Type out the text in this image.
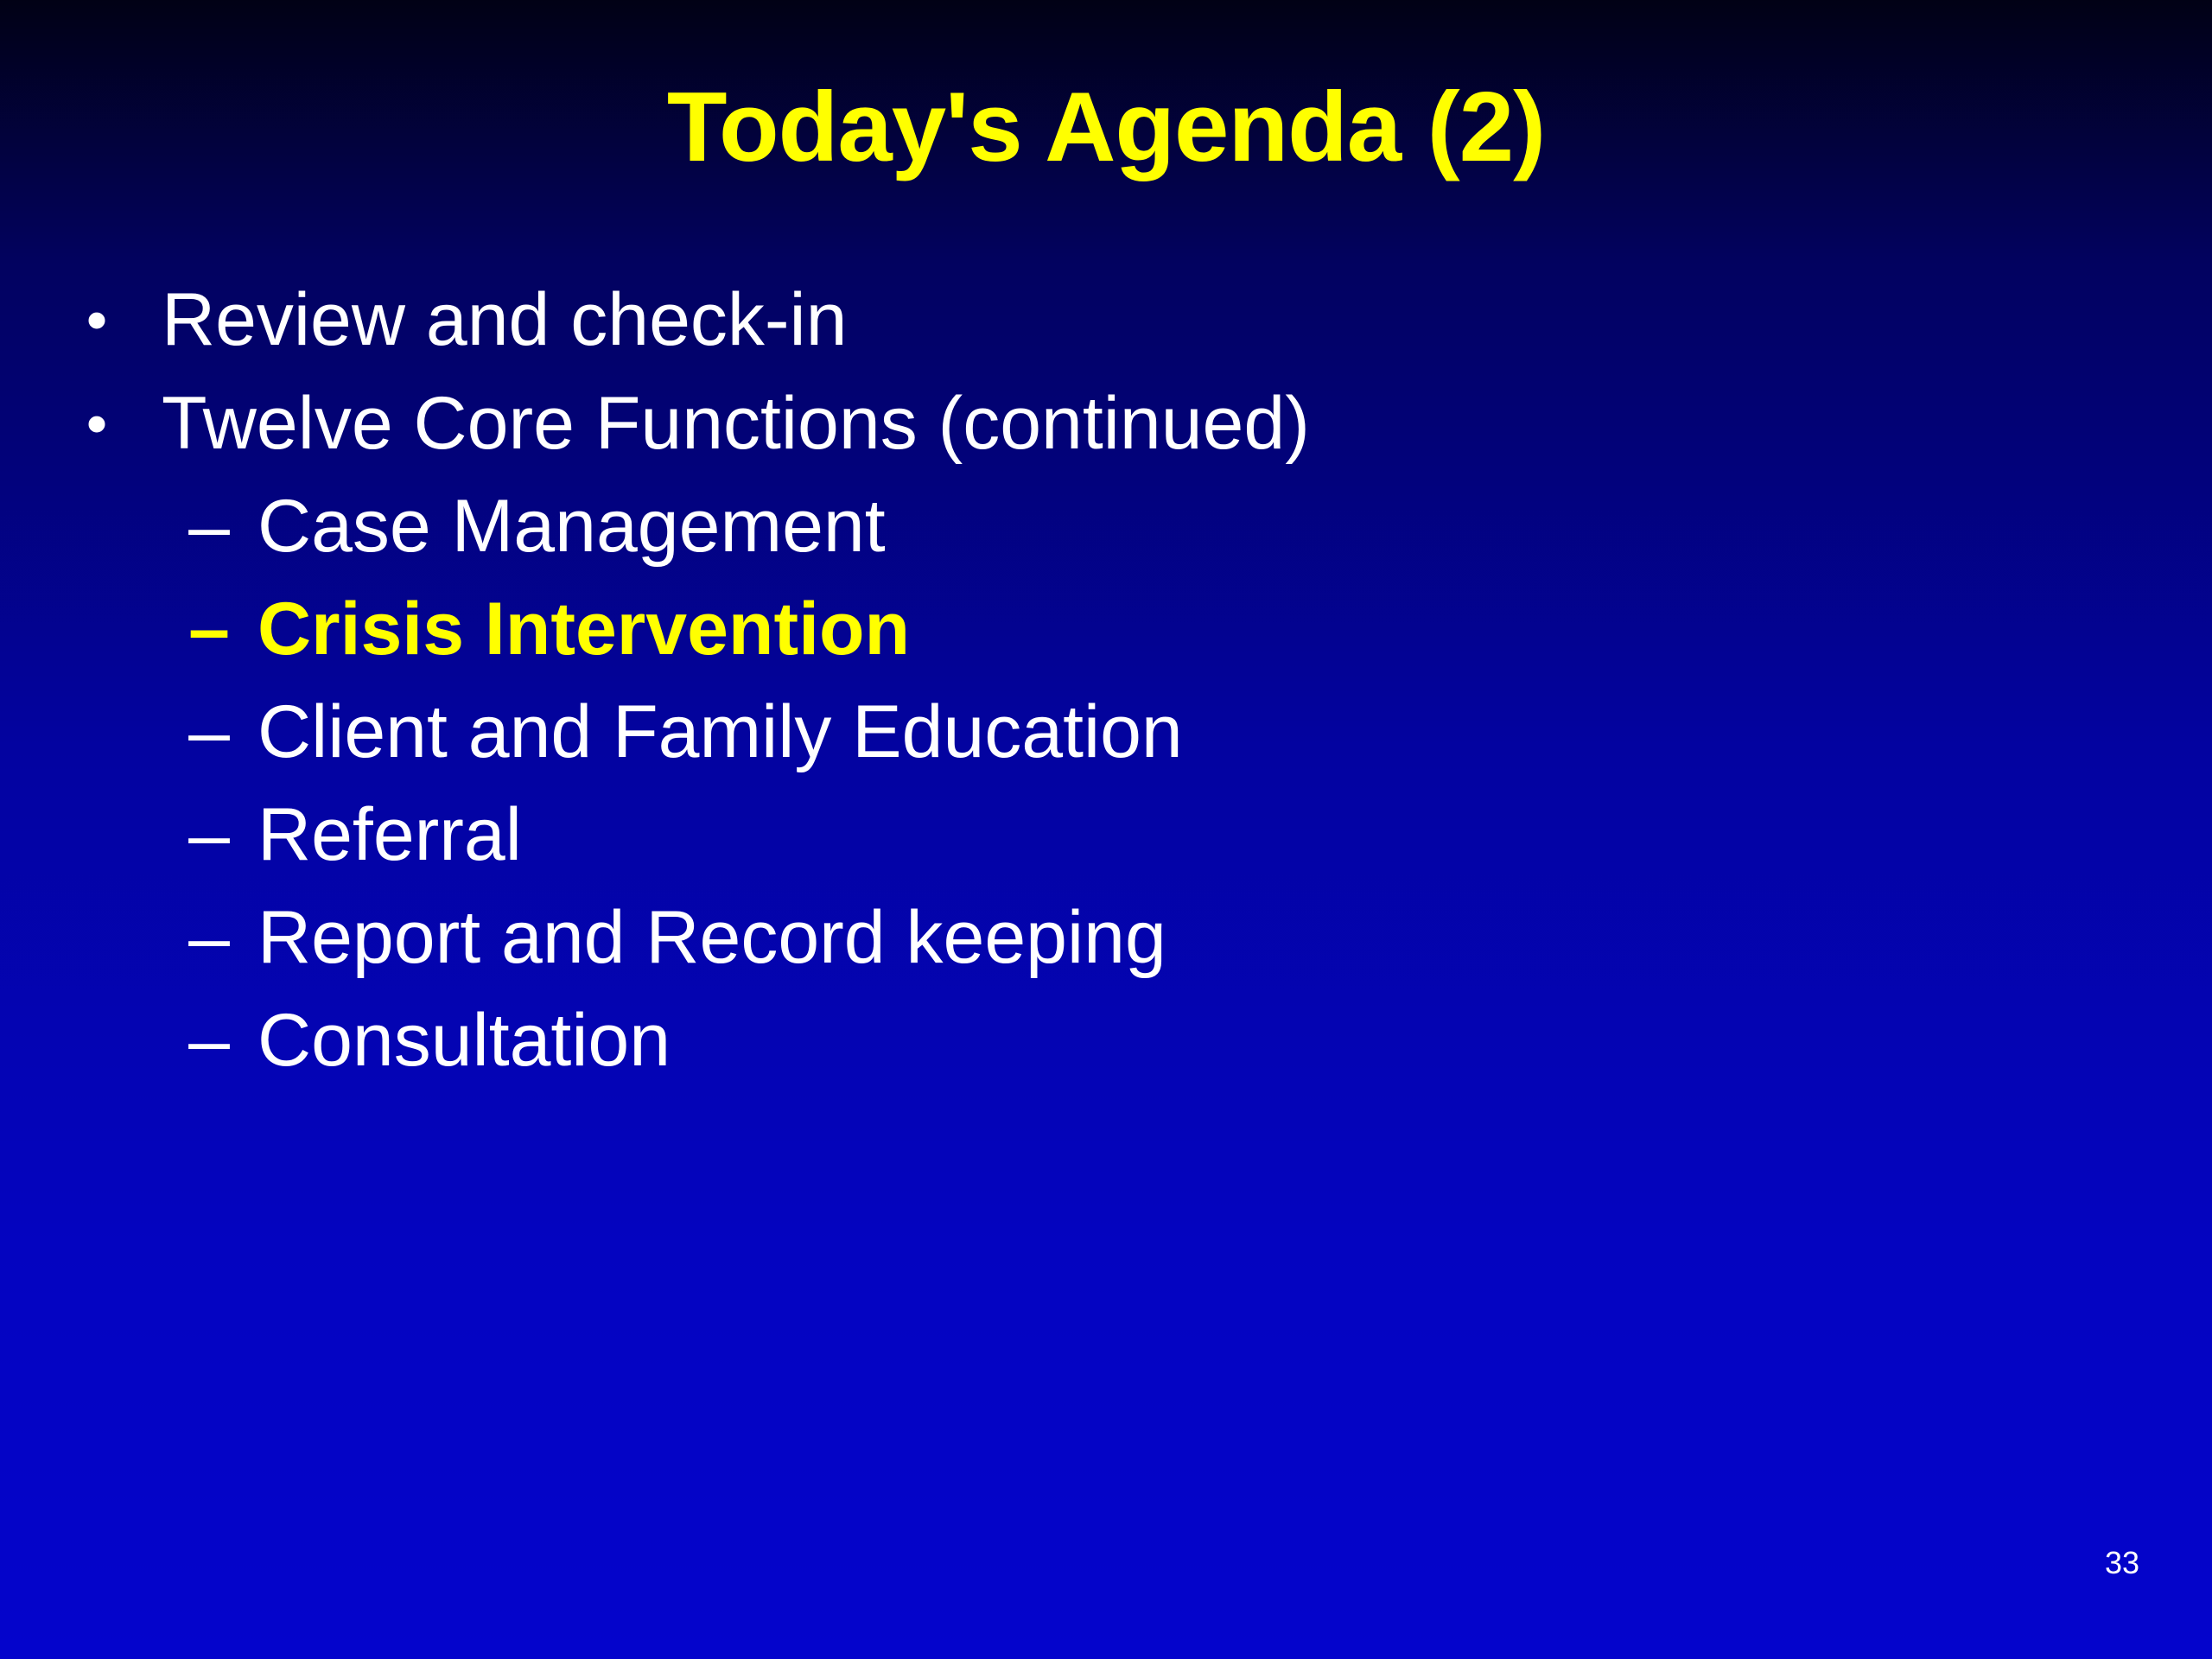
Today's Agenda (2)
• Review and check-in
• Twelve Core Functions (continued)
– Case Management
– Crisis Intervention
– Client and Family Education
– Referral
– Report and Record keeping
– Consultation
33
